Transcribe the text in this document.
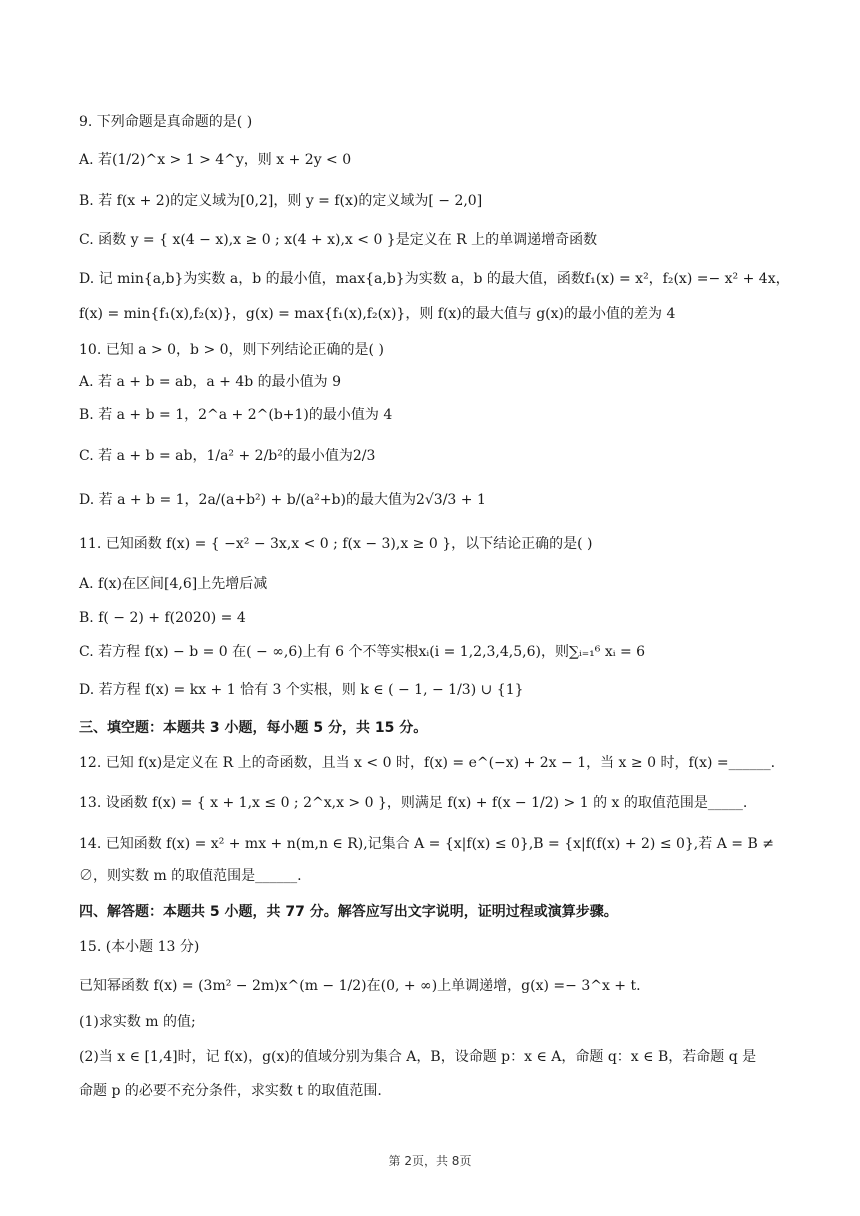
9. 下列命题是真命题的是( )
A. 若(1/2)^x > 1 > 4^y，则 x + 2y < 0
B. 若 f(x + 2)的定义域为[0,2]，则 y = f(x)的定义域为[ − 2,0]
C. 函数 y = { x(4 − x),x ≥ 0 ; x(4 + x),x < 0 }是定义在 R 上的单调递增奇函数
D. 记 min{a,b}为实数 a，b 的最小值，max{a,b}为实数 a，b 的最大值，函数f₁(x) = x²，f₂(x) =− x² + 4x，
f(x) = min{f₁(x),f₂(x)}，g(x) = max{f₁(x),f₂(x)}，则 f(x)的最大值与 g(x)的最小值的差为 4
10. 已知 a > 0，b > 0，则下列结论正确的是( )
A. 若 a + b = ab，a + 4b 的最小值为 9
B. 若 a + b = 1，2^a + 2^(b+1)的最小值为 4
C. 若 a + b = ab，1/a² + 2/b²的最小值为2/3
D. 若 a + b = 1，2a/(a+b²) + b/(a²+b)的最大值为2√3/3 + 1
11. 已知函数 f(x) = { −x² − 3x,x < 0 ; f(x − 3),x ≥ 0 }，以下结论正确的是( )
A. f(x)在区间[4,6]上先增后减
B. f( − 2) + f(2020) = 4
C. 若方程 f(x) − b = 0 在( − ∞,6)上有 6 个不等实根xᵢ(i = 1,2,3,4,5,6)，则∑ᵢ₌₁⁶ xᵢ = 6
D. 若方程 f(x) = kx + 1 恰有 3 个实根，则 k ∈ ( − 1, − 1/3) ∪ {1}
三、填空题：本题共 3 小题，每小题 5 分，共 15 分。
12. 已知 f(x)是定义在 R 上的奇函数，且当 x < 0 时，f(x) = e^(−x) + 2x − 1，当 x ≥ 0 时，f(x) =______.
13. 设函数 f(x) = { x + 1,x ≤ 0 ; 2^x,x > 0 }，则满足 f(x) + f(x − 1/2) > 1 的 x 的取值范围是_____.
14. 已知函数 f(x) = x² + mx + n(m,n ∈ R),记集合 A = {x|f(x) ≤ 0},B = {x|f(f(x) + 2) ≤ 0},若 A = B ≠
∅，则实数 m 的取值范围是______.
四、解答题：本题共 5 小题，共 77 分。解答应写出文字说明，证明过程或演算步骤。
15. (本小题 13 分)
已知幂函数 f(x) = (3m² − 2m)x^(m − 1/2)在(0, + ∞)上单调递增，g(x) =− 3^x + t.
(1)求实数 m 的值;
(2)当 x ∈ [1,4]时，记 f(x)，g(x)的值域分别为集合 A，B，设命题 p：x ∈ A，命题 q：x ∈ B，若命题 q 是
命题 p 的必要不充分条件，求实数 t 的取值范围.
第 2页，共 8页
